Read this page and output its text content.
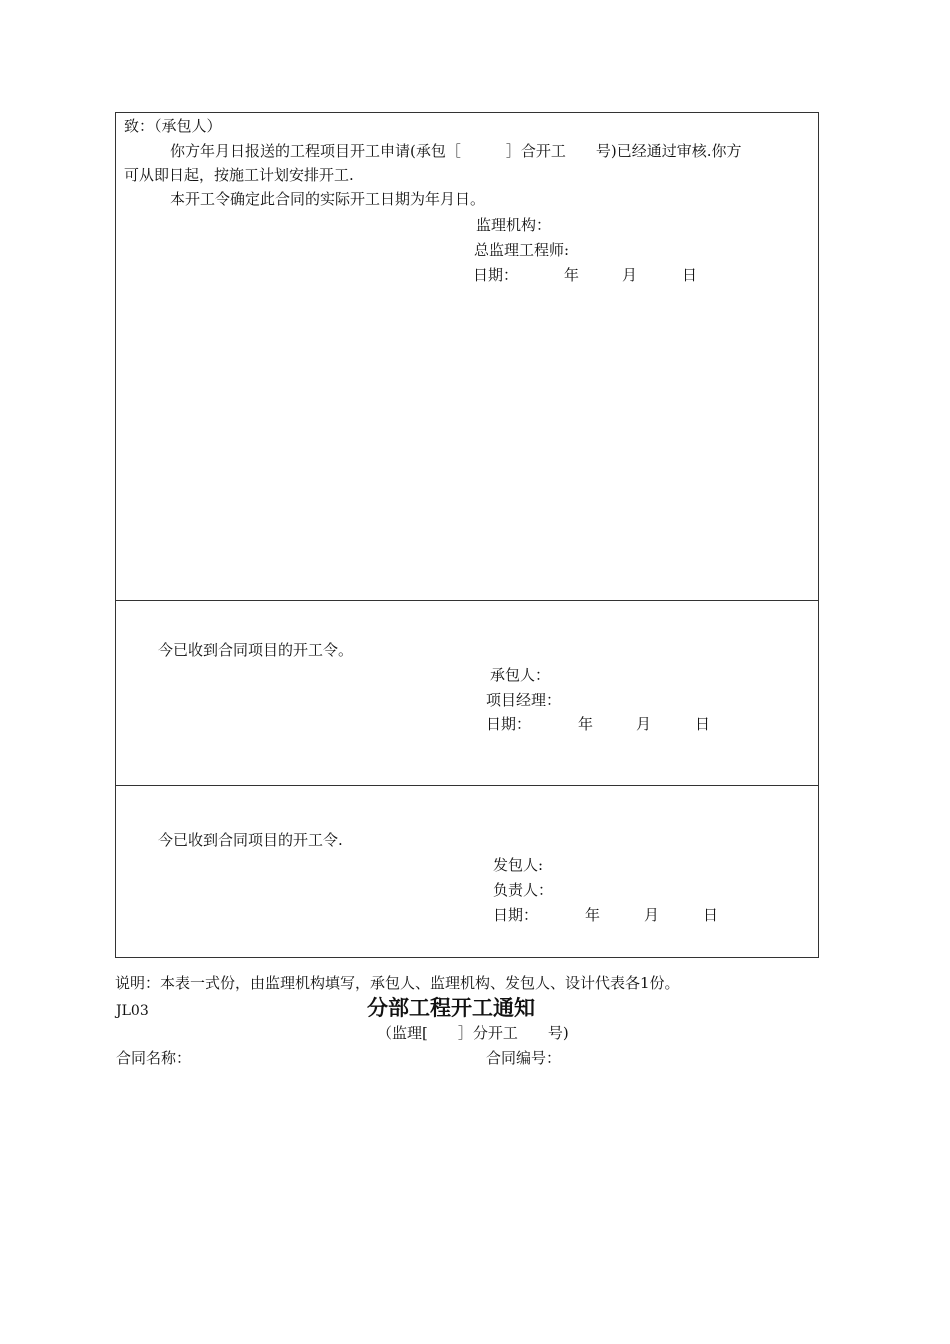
致：（承包人）
你方年月日报送的工程项目开工申请(承包［　　　］合开工　　号)已经通过审核.你方
可从即日起，按施工计划安排开工.
本开工令确定此合同的实际开工日期为年月日。
监理机构：
总监理工程师:
日期：	年	月	日
今已收到合同项目的开工令。
承包人：
项目经理：
日期：	年	月	日
今已收到合同项目的开工令.
发包人:
负责人：
日期：	年	月	日
说明：本表一式份，由监理机构填写，承包人、监理机构、发包人、设计代表各1份。
JL03	分部工程开工通知
（监理[　　］分开工　　号)
合同名称：	合同编号：
